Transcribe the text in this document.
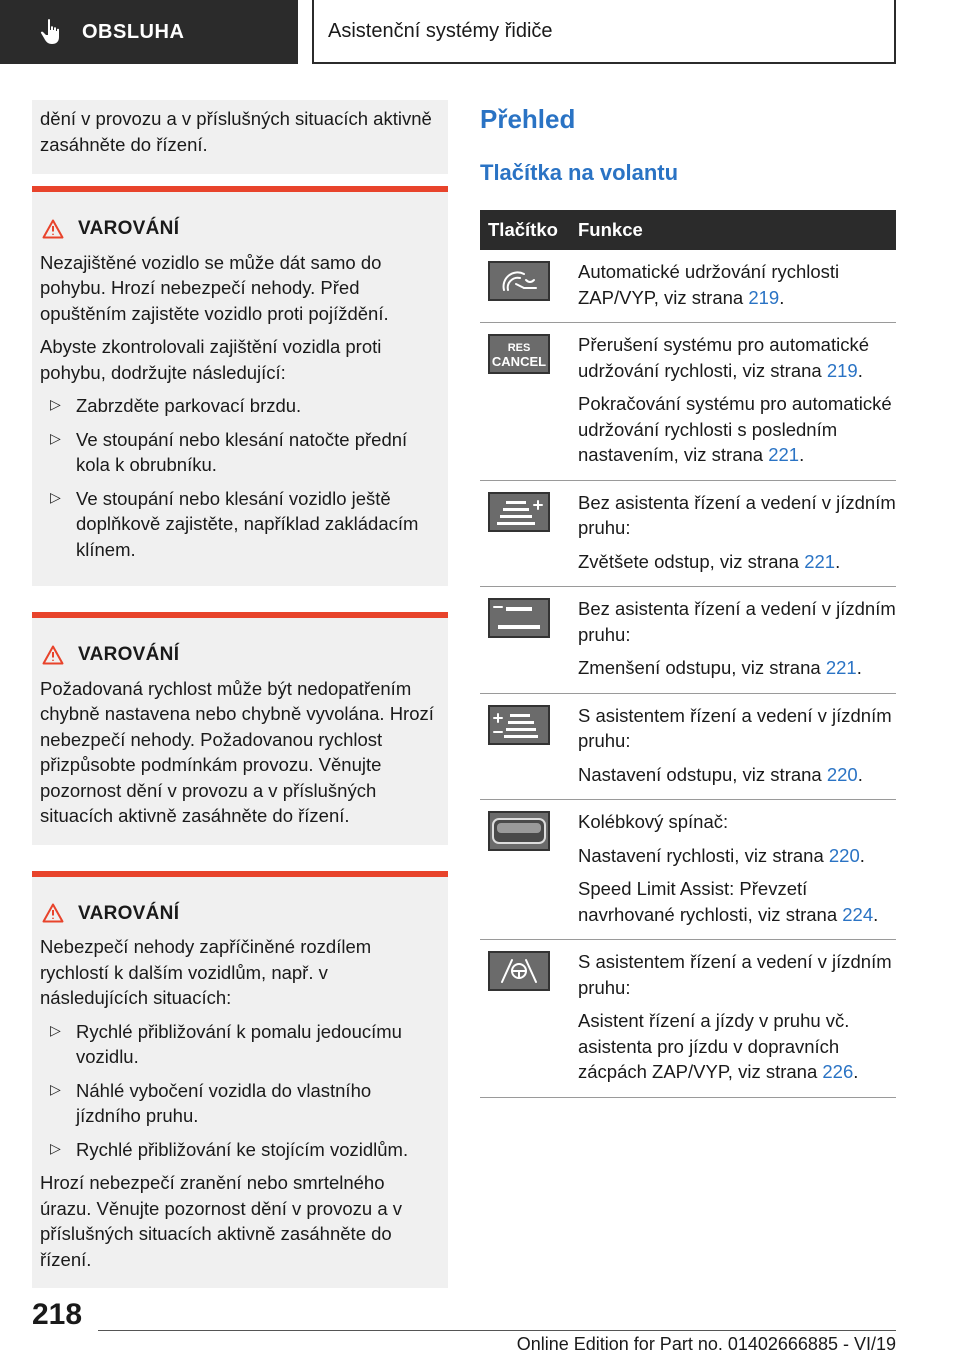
OBSLUHA	Asistenční systémy řidiče

dění v provozu a v příslušných situacích aktivně zasáhněte do řízení.

VAROVÁNÍ

Nezajištěné vozidlo se může dát samo do pohybu. Hrozí nebezpečí nehody. Před opuštěním zajistěte vozidlo proti pojíždění.

Abyste zkontrolovali zajištění vozidla proti pohybu, dodržujte následující:

▷ Zabrzděte parkovací brzdu.
▷ Ve stoupání nebo klesání natočte přední kola k obrubníku.
▷ Ve stoupání nebo klesání vozidlo ještě doplňkově zajistěte, například zakládacím klínem.
VAROVÁNÍ

Požadovaná rychlost může být nedopatřením chybně nastavena nebo chybně vyvolána. Hrozí nebezpečí nehody. Požadovanou rychlost přizpůsobte podmínkám provozu. Věnujte pozornost dění v provozu a v příslušných situacích aktivně zasáhněte do řízení.

VAROVÁNÍ

Nebezpečí nehody zapříčiněné rozdílem rychlostí k dalším vozidlům, např. v následujících situacích:

▷ Rychlé přibližování k pomalu jedoucímu vozidlu.
▷ Náhlé vybočení vozidla do vlastního jízdního pruhu.
▷ Rychlé přibližování ke stojícím vozidlům.

Hrozí nebezpečí zranění nebo smrtelného úrazu. Věnujte pozornost dění v provozu a v příslušných situacích aktivně zasáhněte do řízení.

Přehled
Tlačítka na volantu
Tlačítko	Funkce

Automatické udržování rychlosti ZAP/VYP, viz strana 219.

RES
CANCEL

Přerušení systému pro automatické udržování rychlosti, viz strana 219.

Pokračování systému pro automatické udržování rychlosti s posledním nastavením, viz strana 221.

Bez asistenta řízení a vedení v jízdním pruhu:

Zvětšete odstup, viz strana 221.

Bez asistenta řízení a vedení v jízdním pruhu:

Zmenšení odstupu, viz strana 221.

S asistentem řízení a vedení v jízdním pruhu:

Nastavení odstupu, viz strana 220.

Kolébkový spínač:

Nastavení rychlosti, viz strana 220.

Speed Limit Assist: Převzetí navrhované rychlosti, viz strana 224.

S asistentem řízení a vedení v jízdním pruhu:

Asistent řízení a jízdy v pruhu vč. asistenta pro jízdu v dopravních zácpách ZAP/VYP, viz strana 226.

218
Online Edition for Part no. 01402666885 - VI/19
